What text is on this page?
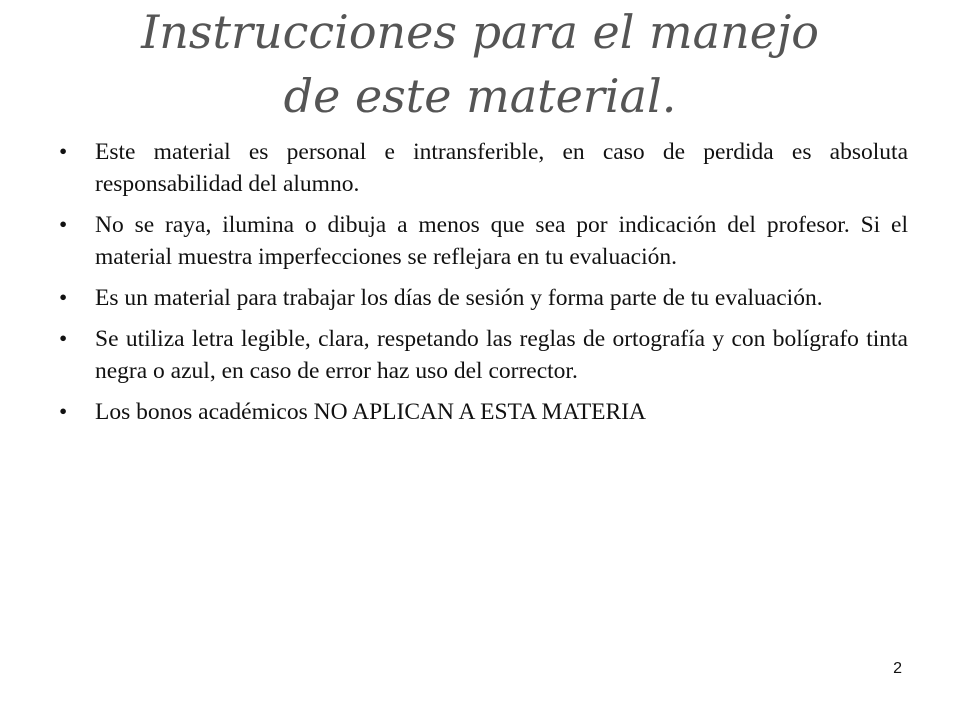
Instrucciones para el manejo
de este material.
• Este material es personal e intransferible, en caso de perdida es absoluta responsabilidad del alumno.
• No se raya, ilumina o dibuja a menos que sea por indicación del profesor. Si el material muestra imperfecciones se reflejara en tu evaluación.
• Es un material para trabajar los días de sesión y forma parte de tu evaluación.
• Se utiliza letra legible, clara, respetando las reglas de ortografía y con bolígrafo tinta negra o azul, en caso de error haz uso del corrector.
• Los bonos académicos NO APLICAN A ESTA MATERIA
2
